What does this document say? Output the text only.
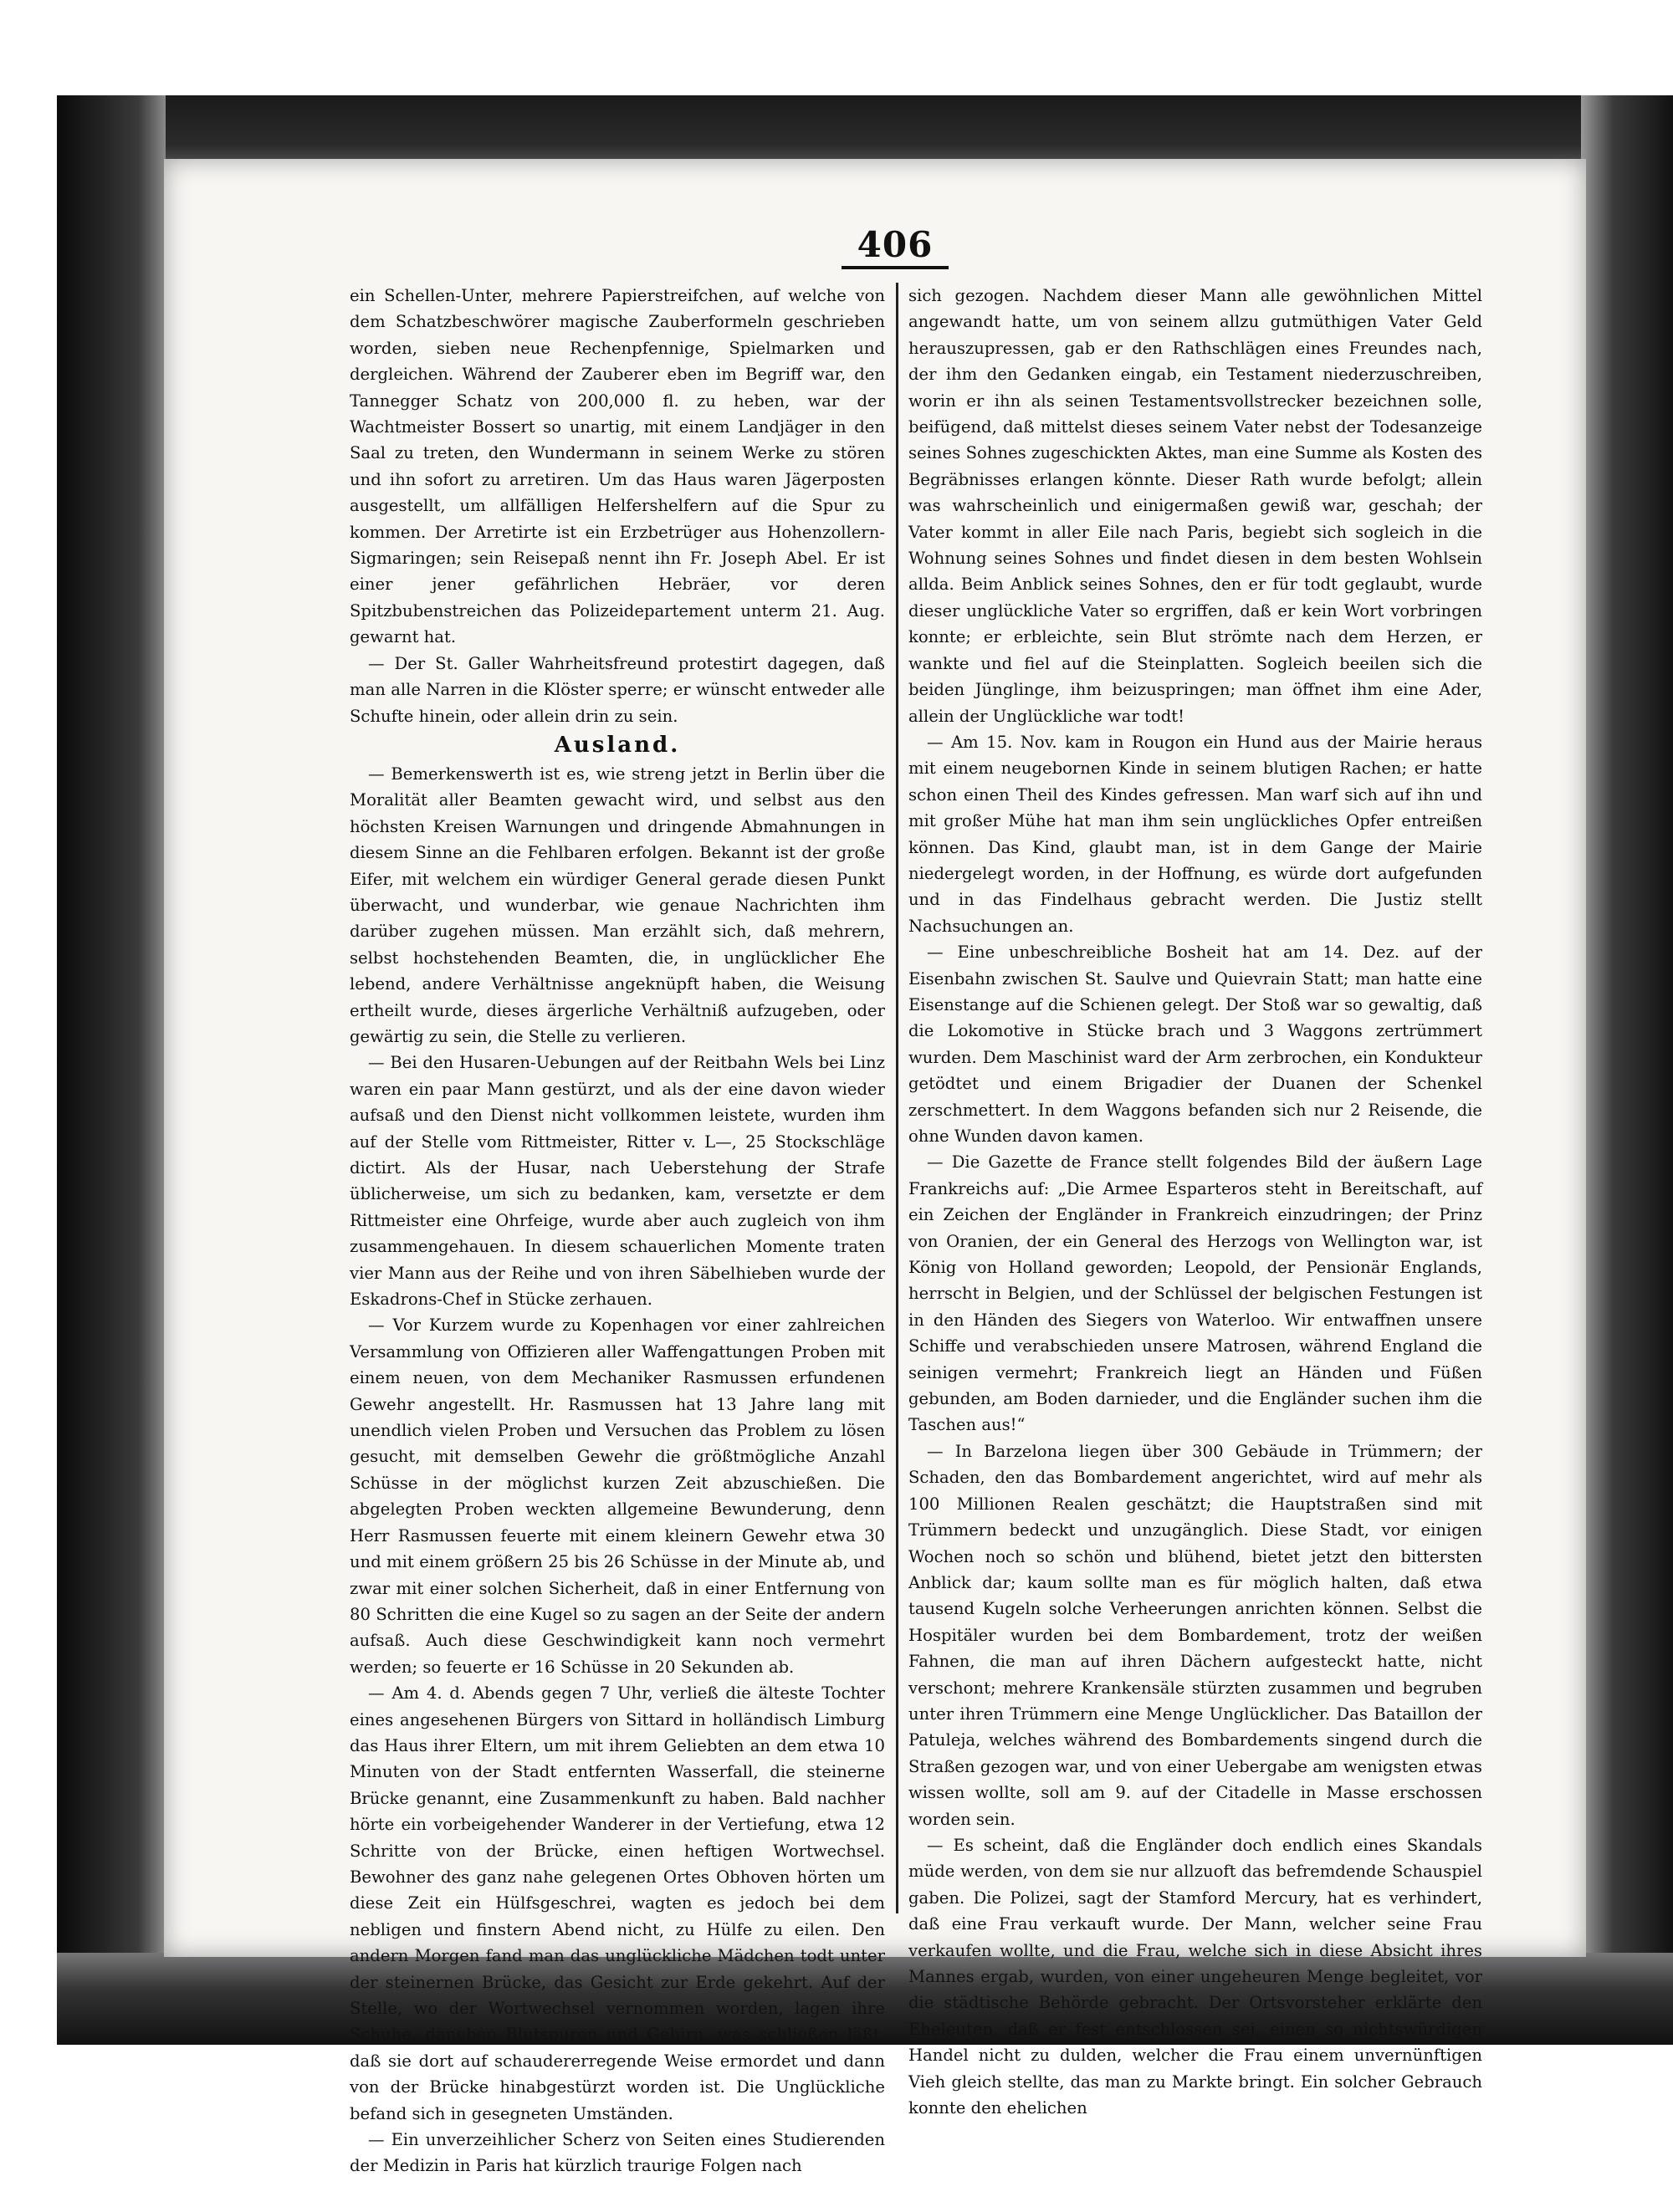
406

ein Schellen-Unter, mehrere Papierstreifchen, auf welche von dem Schatzbeschwörer magische Zauberformeln geschrieben worden, sieben neue Rechenpfennige, Spielmarken und dergleichen. Während der Zauberer eben im Begriff war, den Tannegger Schatz von 200,000 fl. zu heben, war der Wachtmeister Bossert so unartig, mit einem Landjäger in den Saal zu treten, den Wundermann in seinem Werke zu stören und ihn sofort zu arretiren. Um das Haus waren Jägerposten ausgestellt, um allfälligen Helfershelfern auf die Spur zu kommen. Der Arretirte ist ein Erzbetrüger aus Hohenzollern-Sigmaringen; sein Reisepaß nennt ihn Fr. Joseph Abel. Er ist einer jener gefährlichen Hebräer, vor deren Spitzbubenstreichen das Polizeidepartement unterm 21. Aug. gewarnt hat.

— Der St. Galler Wahrheitsfreund protestirt dagegen, daß man alle Narren in die Klöster sperre; er wünscht entweder alle Schufte hinein, oder allein drin zu sein.

Ausland.

— Bemerkenswerth ist es, wie streng jetzt in Berlin über die Moralität aller Beamten gewacht wird, und selbst aus den höchsten Kreisen Warnungen und dringende Abmahnungen in diesem Sinne an die Fehlbaren erfolgen. Bekannt ist der große Eifer, mit welchem ein würdiger General gerade diesen Punkt überwacht, und wunderbar, wie genaue Nachrichten ihm darüber zugehen müssen. Man erzählt sich, daß mehrern, selbst hochstehenden Beamten, die, in unglücklicher Ehe lebend, andere Verhältnisse angeknüpft haben, die Weisung ertheilt wurde, dieses ärgerliche Verhältniß aufzugeben, oder gewärtig zu sein, die Stelle zu verlieren.

— Bei den Husaren-Uebungen auf der Reitbahn Wels bei Linz waren ein paar Mann gestürzt, und als der eine davon wieder aufsaß und den Dienst nicht vollkommen leistete, wurden ihm auf der Stelle vom Rittmeister, Ritter v. L—, 25 Stockschläge dictirt. Als der Husar, nach Ueberstehung der Strafe üblicherweise, um sich zu bedanken, kam, versetzte er dem Rittmeister eine Ohrfeige, wurde aber auch zugleich von ihm zusammengehauen. In diesem schauerlichen Momente traten vier Mann aus der Reihe und von ihren Säbelhieben wurde der Eskadrons-Chef in Stücke zerhauen.

— Vor Kurzem wurde zu Kopenhagen vor einer zahlreichen Versammlung von Offizieren aller Waffengattungen Proben mit einem neuen, von dem Mechaniker Rasmussen erfundenen Gewehr angestellt. Hr. Rasmussen hat 13 Jahre lang mit unendlich vielen Proben und Versuchen das Problem zu lösen gesucht, mit demselben Gewehr die größtmögliche Anzahl Schüsse in der möglichst kurzen Zeit abzuschießen. Die abgelegten Proben weckten allgemeine Bewunderung, denn Herr Rasmussen feuerte mit einem kleinern Gewehr etwa 30 und mit einem größern 25 bis 26 Schüsse in der Minute ab, und zwar mit einer solchen Sicherheit, daß in einer Entfernung von 80 Schritten die eine Kugel so zu sagen an der Seite der andern aufsaß. Auch diese Geschwindigkeit kann noch vermehrt werden; so feuerte er 16 Schüsse in 20 Sekunden ab.

— Am 4. d. Abends gegen 7 Uhr, verließ die älteste Tochter eines angesehenen Bürgers von Sittard in holländisch Limburg das Haus ihrer Eltern, um mit ihrem Geliebten an dem etwa 10 Minuten von der Stadt entfernten Wasserfall, die steinerne Brücke genannt, eine Zusammenkunft zu haben. Bald nachher hörte ein vorbeigehender Wanderer in der Vertiefung, etwa 12 Schritte von der Brücke, einen heftigen Wortwechsel. Bewohner des ganz nahe gelegenen Ortes Obhoven hörten um diese Zeit ein Hülfsgeschrei, wagten es jedoch bei dem nebligen und finstern Abend nicht, zu Hülfe zu eilen. Den andern Morgen fand man das unglückliche Mädchen todt unter der steinernen Brücke, das Gesicht zur Erde gekehrt. Auf der Stelle, wo der Wortwechsel vernommen worden, lagen ihre Schuhe, daneben Blutspuren und Gehirn, was schließen läßt, daß sie dort auf schaudererregende Weise ermordet und dann von der Brücke hinabgestürzt worden ist. Die Unglückliche befand sich in gesegneten Umständen.

— Ein unverzeihlicher Scherz von Seiten eines Studierenden der Medizin in Paris hat kürzlich traurige Folgen nach

sich gezogen. Nachdem dieser Mann alle gewöhnlichen Mittel angewandt hatte, um von seinem allzu gutmüthigen Vater Geld herauszupressen, gab er den Rathschlägen eines Freundes nach, der ihm den Gedanken eingab, ein Testament niederzuschreiben, worin er ihn als seinen Testamentsvollstrecker bezeichnen solle, beifügend, daß mittelst dieses seinem Vater nebst der Todesanzeige seines Sohnes zugeschickten Aktes, man eine Summe als Kosten des Begräbnisses erlangen könnte. Dieser Rath wurde befolgt; allein was wahrscheinlich und einigermaßen gewiß war, geschah; der Vater kommt in aller Eile nach Paris, begiebt sich sogleich in die Wohnung seines Sohnes und findet diesen in dem besten Wohlsein allda. Beim Anblick seines Sohnes, den er für todt geglaubt, wurde dieser unglückliche Vater so ergriffen, daß er kein Wort vorbringen konnte; er erbleichte, sein Blut strömte nach dem Herzen, er wankte und fiel auf die Steinplatten. Sogleich beeilen sich die beiden Jünglinge, ihm beizuspringen; man öffnet ihm eine Ader, allein der Unglückliche war todt!

— Am 15. Nov. kam in Rougon ein Hund aus der Mairie heraus mit einem neugebornen Kinde in seinem blutigen Rachen; er hatte schon einen Theil des Kindes gefressen. Man warf sich auf ihn und mit großer Mühe hat man ihm sein unglückliches Opfer entreißen können. Das Kind, glaubt man, ist in dem Gange der Mairie niedergelegt worden, in der Hoffnung, es würde dort aufgefunden und in das Findelhaus gebracht werden. Die Justiz stellt Nachsuchungen an.

— Eine unbeschreibliche Bosheit hat am 14. Dez. auf der Eisenbahn zwischen St. Saulve und Quievrain Statt; man hatte eine Eisenstange auf die Schienen gelegt. Der Stoß war so gewaltig, daß die Lokomotive in Stücke brach und 3 Waggons zertrümmert wurden. Dem Maschinist ward der Arm zerbrochen, ein Kondukteur getödtet und einem Brigadier der Duanen der Schenkel zerschmettert. In dem Waggons befanden sich nur 2 Reisende, die ohne Wunden davon kamen.

— Die Gazette de France stellt folgendes Bild der äußern Lage Frankreichs auf: „Die Armee Esparteros steht in Bereitschaft, auf ein Zeichen der Engländer in Frankreich einzudringen; der Prinz von Oranien, der ein General des Herzogs von Wellington war, ist König von Holland geworden; Leopold, der Pensionär Englands, herrscht in Belgien, und der Schlüssel der belgischen Festungen ist in den Händen des Siegers von Waterloo. Wir entwaffnen unsere Schiffe und verabschieden unsere Matrosen, während England die seinigen vermehrt; Frankreich liegt an Händen und Füßen gebunden, am Boden darnieder, und die Engländer suchen ihm die Taschen aus!“

— In Barzelona liegen über 300 Gebäude in Trümmern; der Schaden, den das Bombardement angerichtet, wird auf mehr als 100 Millionen Realen geschätzt; die Hauptstraßen sind mit Trümmern bedeckt und unzugänglich. Diese Stadt, vor einigen Wochen noch so schön und blühend, bietet jetzt den bittersten Anblick dar; kaum sollte man es für möglich halten, daß etwa tausend Kugeln solche Verheerungen anrichten können. Selbst die Hospitäler wurden bei dem Bombardement, trotz der weißen Fahnen, die man auf ihren Dächern aufgesteckt hatte, nicht verschont; mehrere Krankensäle stürzten zusammen und begruben unter ihren Trümmern eine Menge Unglücklicher. Das Bataillon der Patuleja, welches während des Bombardements singend durch die Straßen gezogen war, und von einer Uebergabe am wenigsten etwas wissen wollte, soll am 9. auf der Citadelle in Masse erschossen worden sein.

— Es scheint, daß die Engländer doch endlich eines Skandals müde werden, von dem sie nur allzuoft das befremdende Schauspiel gaben. Die Polizei, sagt der Stamford Mercury, hat es verhindert, daß eine Frau verkauft wurde. Der Mann, welcher seine Frau verkaufen wollte, und die Frau, welche sich in diese Absicht ihres Mannes ergab, wurden, von einer ungeheuren Menge begleitet, vor die städtische Behörde gebracht. Der Ortsvorsteher erklärte den Eheleuten, daß er fest entschlossen sei, einen so nichtswürdigen Handel nicht zu dulden, welcher die Frau einem unvernünftigen Vieh gleich stellte, das man zu Markte bringt. Ein solcher Gebrauch konnte den ehelichen
